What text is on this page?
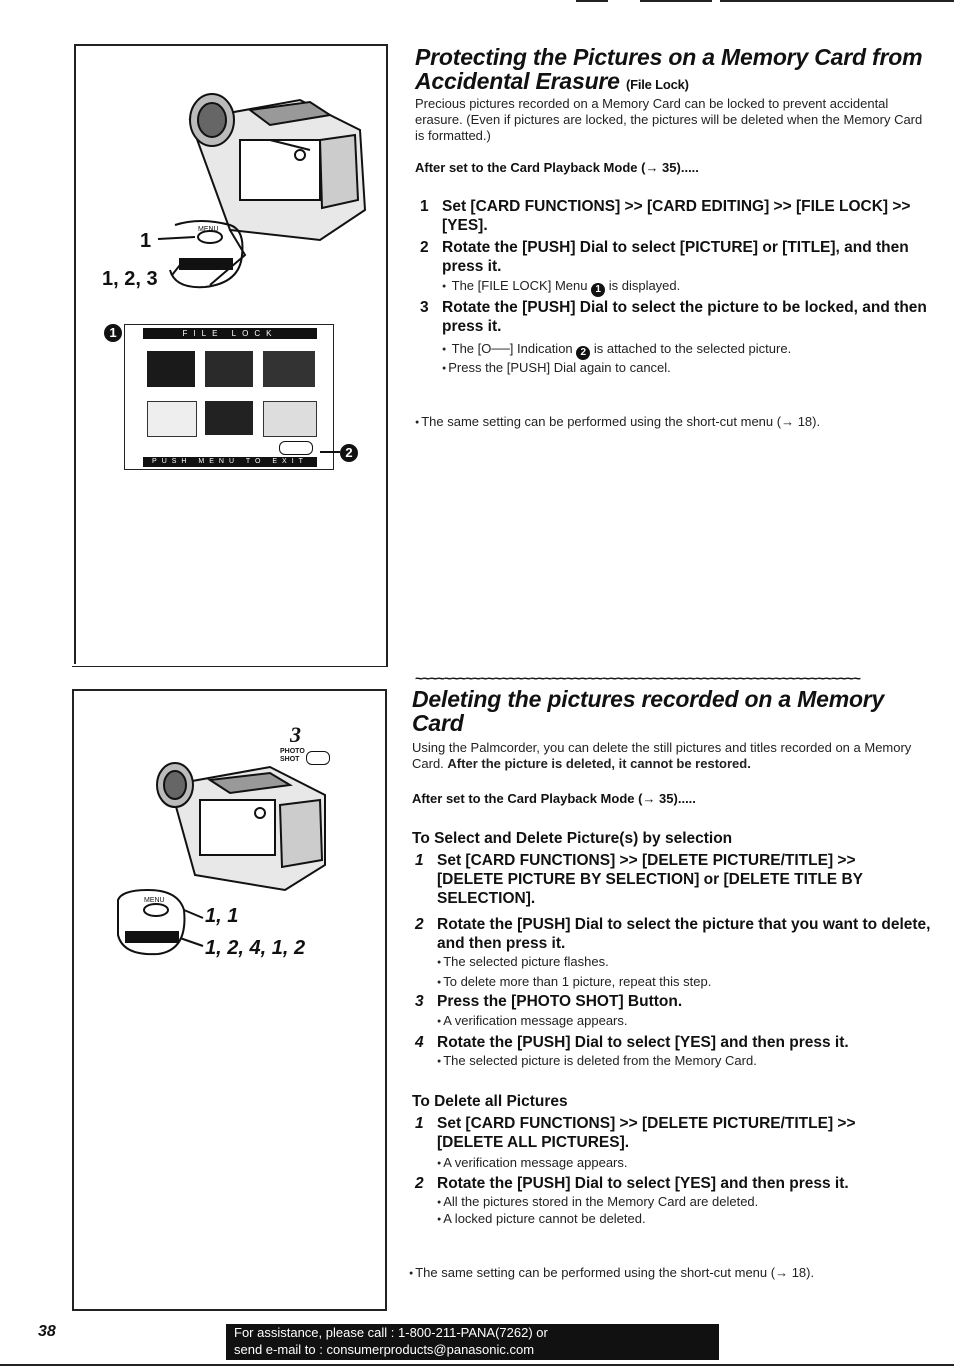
MENU
1
1, 2, 3
1	FILE LOCK
PUSH MENU TO EXIT
2
Protecting the Pictures on a Memory Card from
Accidental Erasure (File Lock)
Precious pictures recorded on a Memory Card can be locked to prevent accidental erasure. (Even if pictures are locked, the pictures will be deleted when the Memory Card is formatted.)
After set to the Card Playback Mode (→ 35).....
1 Set [CARD FUNCTIONS] >> [CARD EDITING] >> [FILE LOCK] >> [YES].
2 Rotate the [PUSH] Dial to select [PICTURE] or [TITLE], and then press it.
● The [FILE LOCK] Menu 1 is displayed.
3 Rotate the [PUSH] Dial to select the picture to be locked, and then press it.
● The [O──] Indication 2 is attached to the selected picture.
● Press the [PUSH] Dial again to cancel.
● The same setting can be performed using the short-cut menu (→ 18).
3
PHOTO
SHOT
MENU
1, 1
1, 2, 4, 1, 2
~~~~~~~~~~~~~~~~~~~~~~~~~~~~~~~~~~~~~~~~~~~~~~~~~~~~~~~~~~~~~~
Deleting the pictures recorded on a Memory
Card
Using the Palmcorder, you can delete the still pictures and titles recorded on a Memory Card. After the picture is deleted, it cannot be restored.
After set to the Card Playback Mode (→ 35).....
To Select and Delete Picture(s) by selection
1 Set [CARD FUNCTIONS] >> [DELETE PICTURE/TITLE] >> [DELETE PICTURE BY SELECTION] or [DELETE TITLE BY SELECTION].
2 Rotate the [PUSH] Dial to select the picture that you want to delete, and then press it.
● The selected picture flashes.
● To delete more than 1 picture, repeat this step.
3 Press the [PHOTO SHOT] Button.
● A verification message appears.
4 Rotate the [PUSH] Dial to select [YES] and then press it.
● The selected picture is deleted from the Memory Card.
To Delete all Pictures
1 Set [CARD FUNCTIONS] >> [DELETE PICTURE/TITLE] >> [DELETE ALL PICTURES].
● A verification message appears.
2 Rotate the [PUSH] Dial to select [YES] and then press it.
● All the pictures stored in the Memory Card are deleted.
● A locked picture cannot be deleted.
● The same setting can be performed using the short-cut menu (→ 18).
38	For assistance, please call : 1-800-211-PANA(7262) or
send e-mail to : consumerproducts@panasonic.com
